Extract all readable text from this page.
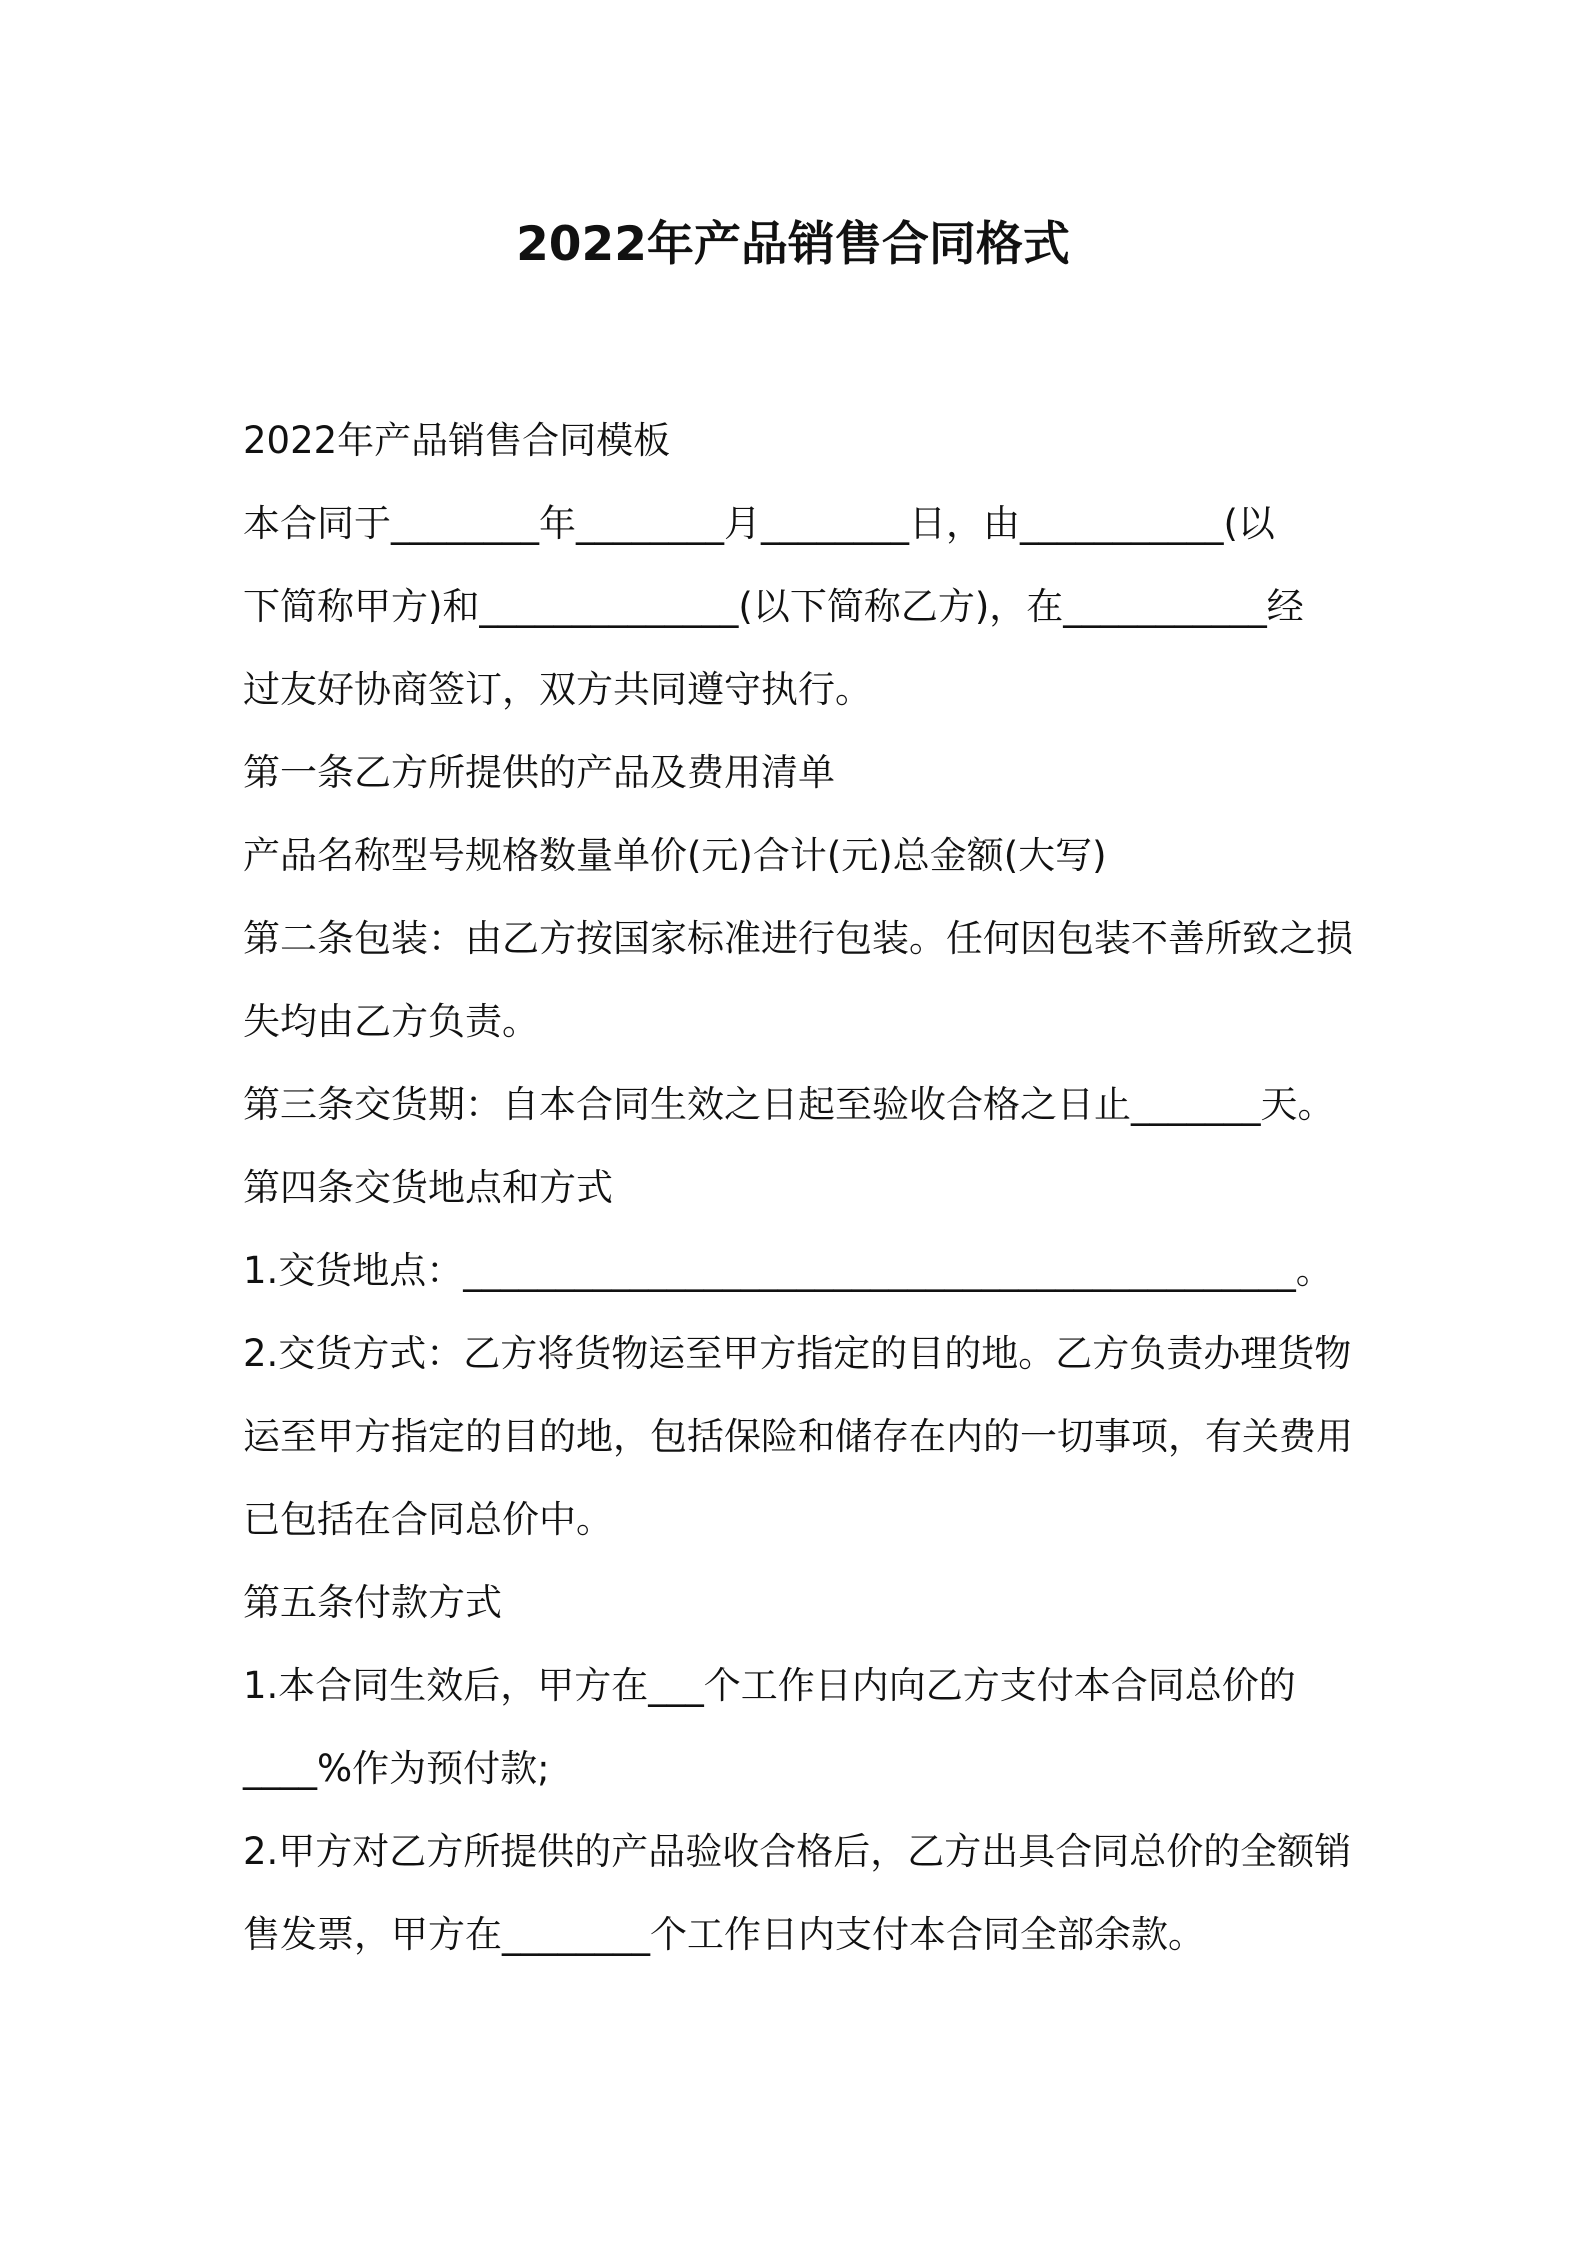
2022年产品销售合同格式
2022年产品销售合同模板
本合同于________年________月________日，由___________(以
下简称甲方)和______________(以下简称乙方)，在___________经
过友好协商签订，双方共同遵守执行。
第一条乙方所提供的产品及费用清单
产品名称型号规格数量单价(元)合计(元)总金额(大写)
第二条包装：由乙方按国家标准进行包装。任何因包装不善所致之损
失均由乙方负责。
第三条交货期：自本合同生效之日起至验收合格之日止_______天。
第四条交货地点和方式
1.交货地点：_____________________________________________。
2.交货方式：乙方将货物运至甲方指定的目的地。乙方负责办理货物
运至甲方指定的目的地，包括保险和储存在内的一切事项，有关费用
已包括在合同总价中。
第五条付款方式
1.本合同生效后，甲方在___个工作日内向乙方支付本合同总价的
____%作为预付款;
2.甲方对乙方所提供的产品验收合格后，乙方出具合同总价的全额销
售发票，甲方在________个工作日内支付本合同全部余款。
